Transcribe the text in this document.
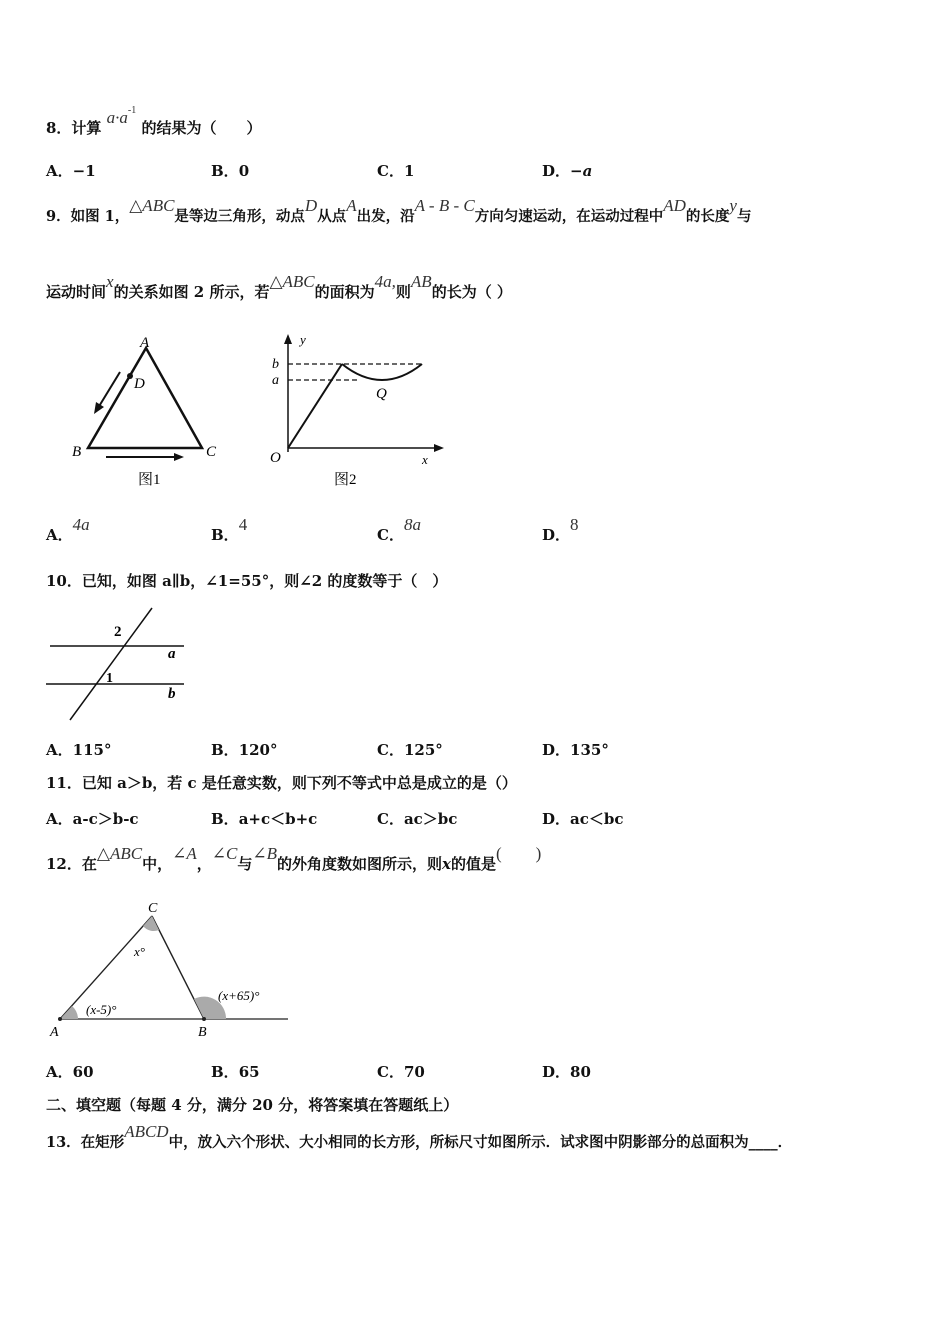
8．计算 $a\cdot a^{-1}$ 的结果为（　　）
A．−1	B．0	C．1	D．−a
9．如图 1，△ABC是等边三角形，动点D从点A出发，沿A - B - C方向匀速运动，在运动过程中AD的长度y与
运动时间x的关系如图 2 所示，若△ABC的面积为4a,则AB的长为（ ）
A
D
B	C
图1
y
x
b
a
O
Q
图2
A．4a
B．4
C．8a
D．8
10．已知，如图 a∥b，∠1=55°，则∠2 的度数等于（　）
2
1
a
b
A．115°	B．120°	C．125°	D．135°
11．已知 a＞b，若 c 是任意实数，则下列不等式中总是成立的是（）
A．a-c＞b-c	B．a+c＜b+c	C．ac＞bc	D．ac＜bc
12．在△ABC中，∠A，∠C与∠B的外角度数如图所示，则x的值是(　　)
C
A	B
x°
(x-5)°
(x+65)°
A．60	B．65	C．70	D．80
二、填空题（每题 4 分，满分 20 分，将答案填在答题纸上）
13．在矩形ABCD中，放入六个形状、大小相同的长方形，所标尺寸如图所示．试求图中阴影部分的总面积为____．
